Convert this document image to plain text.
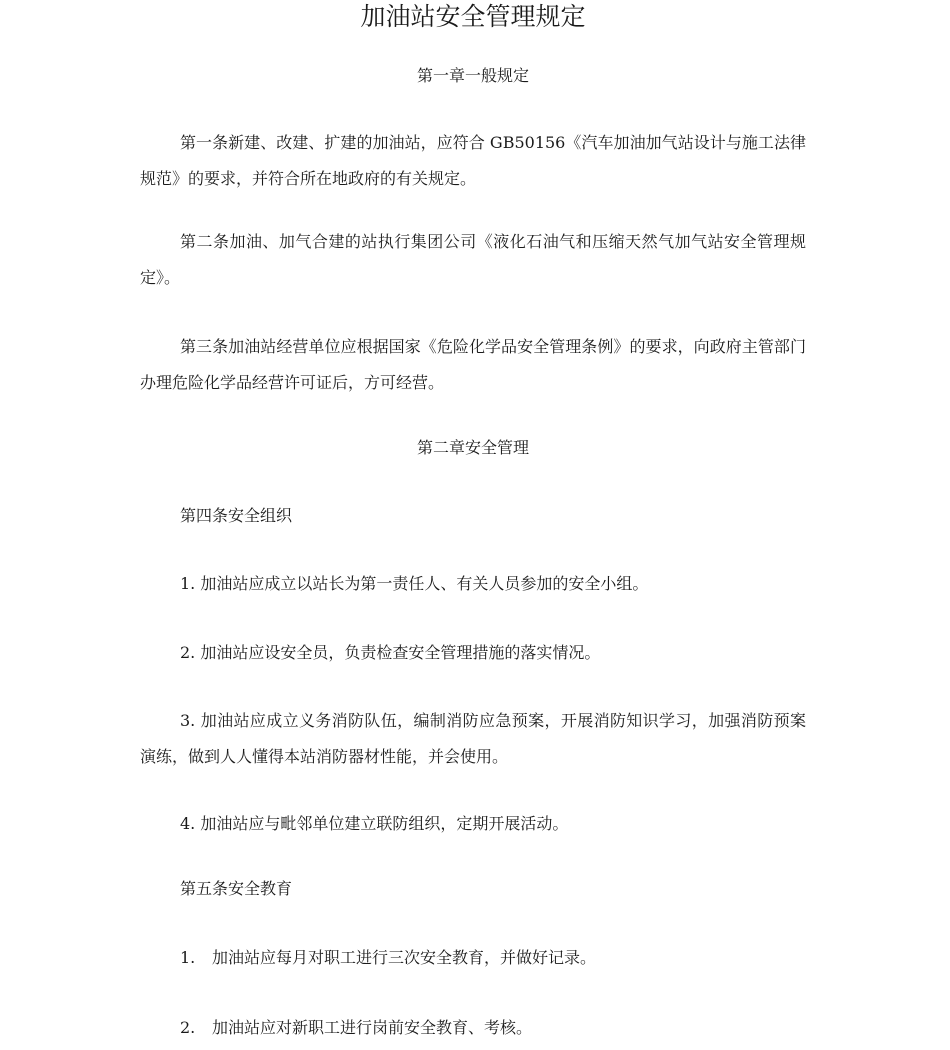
加油站安全管理规定
第一章一般规定

第一条新建、改建、扩建的加油站，应符合 GB50156《汽车加油加气站设计与施工法律规范》的要求，并符合所在地政府的有关规定。

第二条加油、加气合建的站执行集团公司《液化石油气和压缩天然气加气站安全管理规定》。

第三条加油站经营单位应根据国家《危险化学品安全管理条例》的要求，向政府主管部门办理危险化学品经营许可证后，方可经营。

第二章安全管理
第四条安全组织
1. 加油站应成立以站长为第一责任人、有关人员参加的安全小组。
2. 加油站应设安全员，负责检查安全管理措施的落实情况。
3. 加油站应成立义务消防队伍，编制消防应急预案，开展消防知识学习，加强消防预案演练，做到人人懂得本站消防器材性能，并会使用。
4. 加油站应与毗邻单位建立联防组织，定期开展活动。
第五条安全教育
1. 加油站应每月对职工进行三次安全教育，并做好记录。
2. 加油站应对新职工进行岗前安全教育、考核。
